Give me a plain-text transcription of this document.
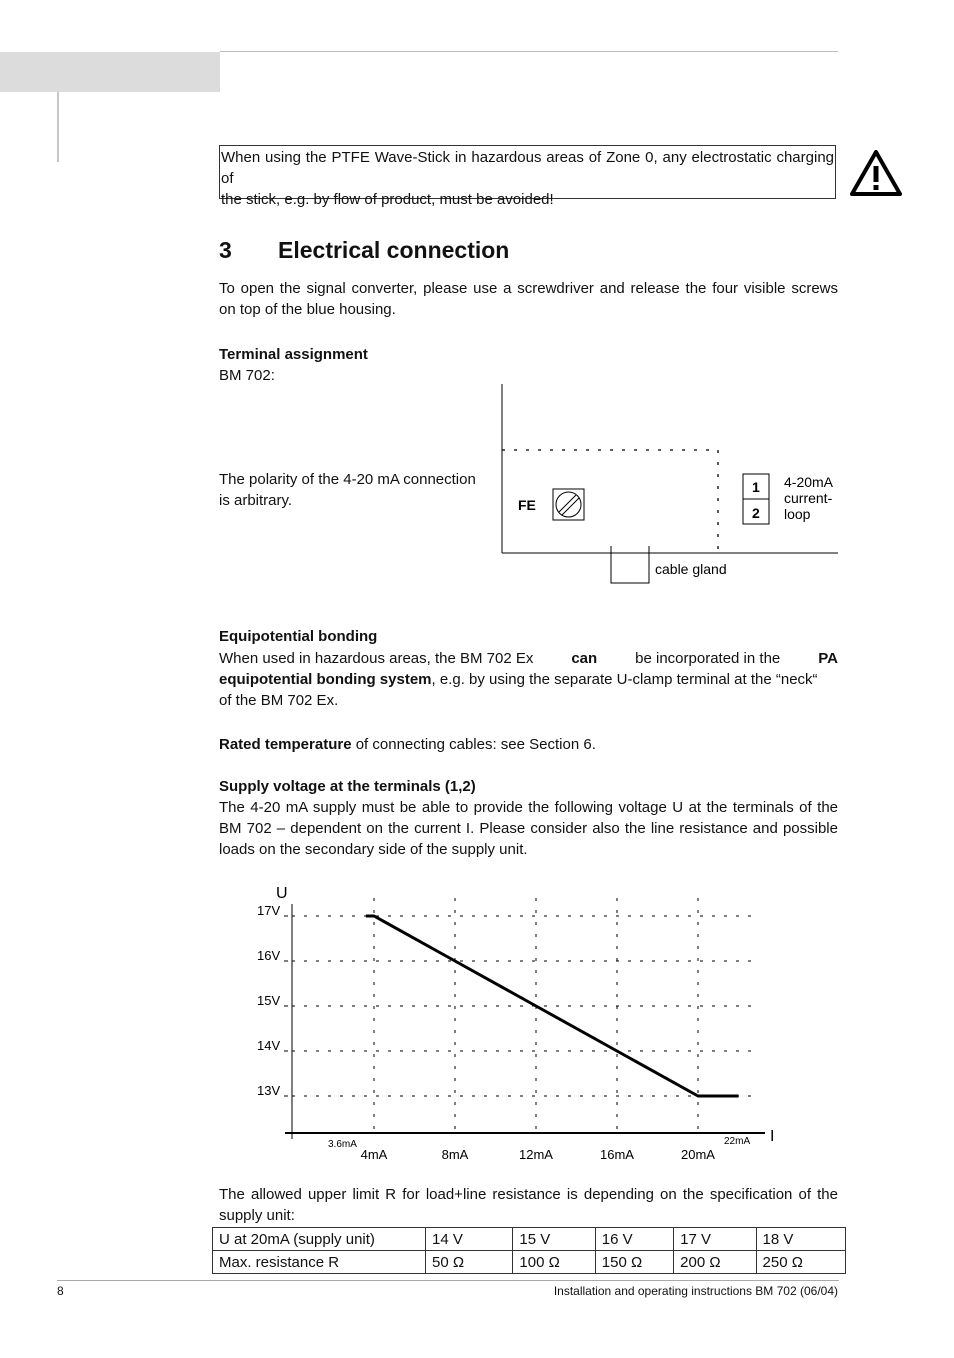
When using the PTFE Wave-Stick in hazardous areas of Zone 0, any electrostatic charging of
the stick, e.g. by flow of product, must be avoided!
3 Electrical connection
To open the signal converter, please use a screwdriver and release the four visible screws
on top of the blue housing.
Terminal assignment
BM 702:
The polarity of the 4-20 mA connection
is arbitrary.	FE
1
2
4-20mA
current-
loop
cable gland
Equipotential bonding
When used in hazardous areas, the BM 702 Ex	can	be incorporated in the	PA
equipotential bonding system, e.g. by using the separate U-clamp terminal at the “neck“
of the BM 702 Ex.
Rated temperature of connecting cables: see Section 6.
Supply voltage at the terminals (1,2)
The 4-20 mA supply must be able to provide the following voltage U at the terminals of the
BM 702 – dependent on the current I. Please consider also the line resistance and possible
loads on the secondary side of the supply unit.
17V
16V
15V
14V
13V
4mA	8mA	12mA	16mA	20mA
3.6mA	22mA
U
I
The allowed upper limit R for load+line resistance is depending on the specification of the
supply unit:
U at 20mA (supply unit)	14 V	15 V	16 V	17 V	18 V
Max. resistance R	50 Ω	100 Ω	150 Ω	200 Ω	250 Ω
8	Installation and operating instructions BM 702 (06/04)
